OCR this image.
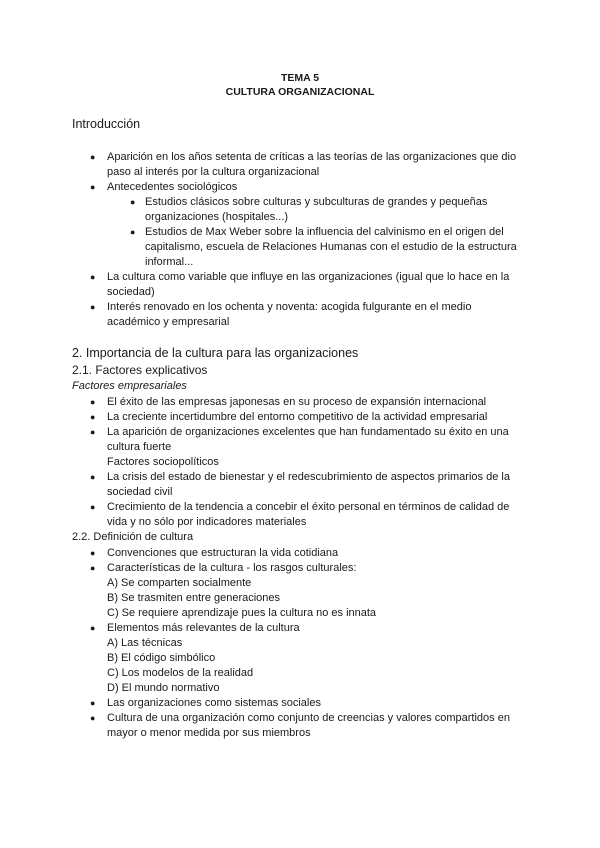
TEMA 5
CULTURA ORGANIZACIONAL
Introducción
● Aparición en los años setenta de críticas a las teorías de las organizaciones que dio
paso al interés por la cultura organizacional
● Antecedentes sociológicos
● Estudios clásicos sobre culturas y subculturas de grandes y pequeñas
organizaciones (hospitales...)
● Estudios de Max Weber sobre la influencia del calvinismo en el origen del
capitalismo, escuela de Relaciones Humanas con el estudio de la estructura
informal...
● La cultura como variable que influye en las organizaciones (igual que lo hace en la
sociedad)
● Interés renovado en los ochenta y noventa: acogida fulgurante en el medio
académico y empresarial
2. Importancia de la cultura para las organizaciones
2.1. Factores explicativos
Factores empresariales
● El éxito de las empresas japonesas en su proceso de expansión internacional
● La creciente incertidumbre del entorno competitivo de la actividad empresarial
● La aparición de organizaciones excelentes que han fundamentado su éxito en una
cultura fuerte
Factores sociopolíticos
● La crisis del estado de bienestar y el redescubrimiento de aspectos primarios de la
sociedad civil
● Crecimiento de la tendencia a concebir el éxito personal en términos de calidad de
vida y no sólo por indicadores materiales
2.2. Definición de cultura
● Convenciones que estructuran la vida cotidiana
● Características de la cultura - los rasgos culturales:
A) Se comparten socialmente
B) Se trasmiten entre generaciones
C) Se requiere aprendizaje pues la cultura no es innata
● Elementos más relevantes de la cultura
A) Las técnicas
B) El código simbólico
C) Los modelos de la realidad
D) El mundo normativo
● Las organizaciones como sistemas sociales
● Cultura de una organización como conjunto de creencias y valores compartidos en
mayor o menor medida por sus miembros
